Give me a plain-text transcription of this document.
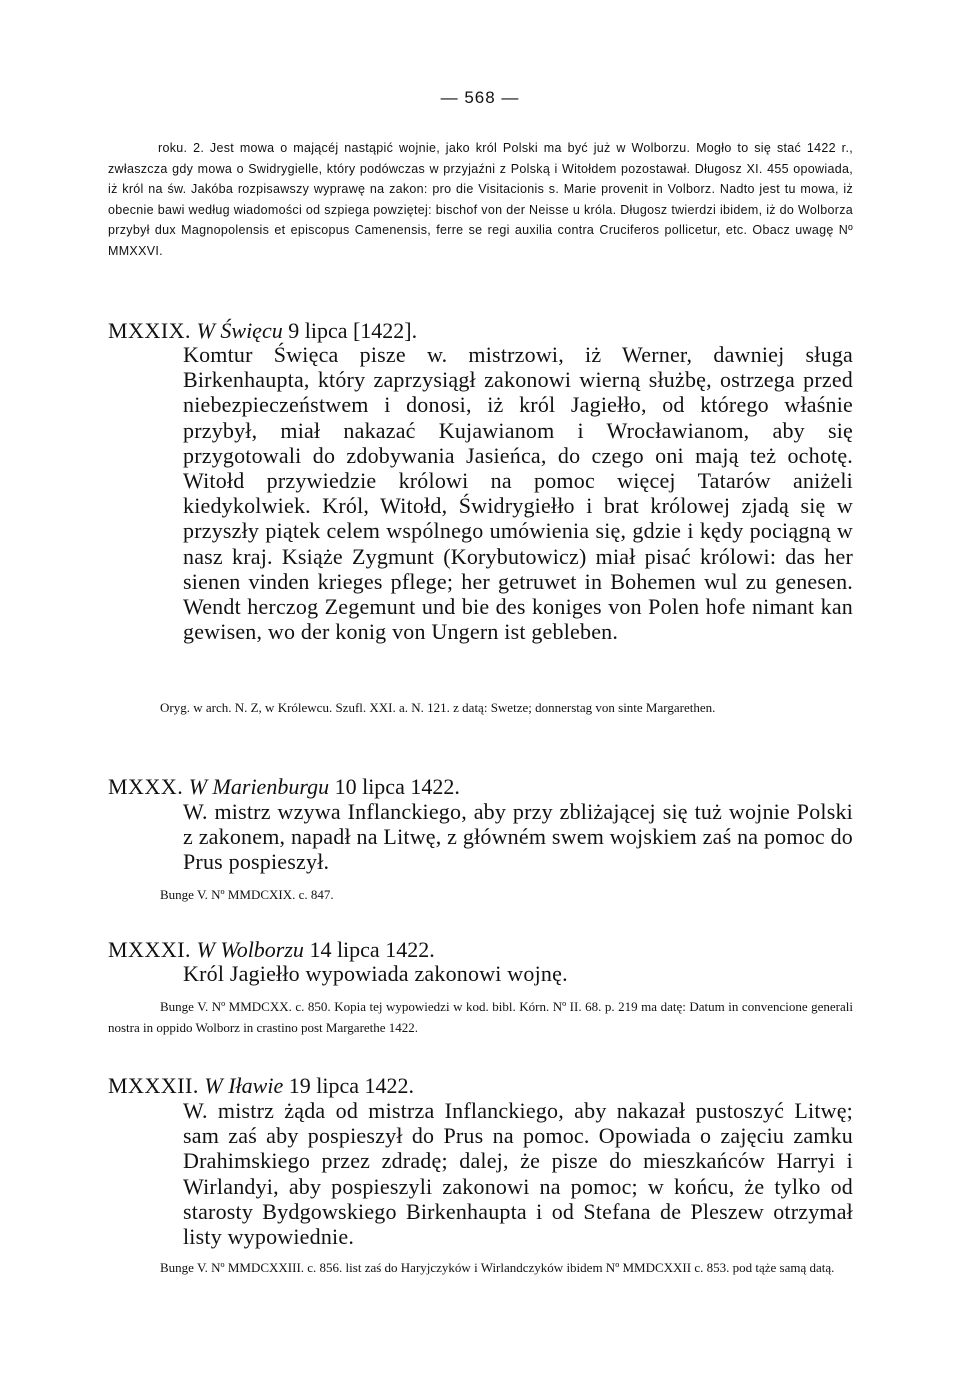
— 568 —

roku. 2. Jest mowa o mającéj nastąpić wojnie, jako król Polski ma być już w Wolborzu. Mogło to się stać 1422 r., zwłaszcza gdy mowa o Swidrygielle, który podówczas w przyjaźni z Polską i Witołdem pozostawał. Długosz XI. 455 opowiada, iż król na św. Jakóba rozpisawszy wyprawę na zakon: pro die Visitacionis s. Marie provenit in Volborz. Nadto jest tu mowa, iż obecnie bawi według wiadomości od szpiega powziętej: bischof von der Neisse u króla. Długosz twierdzi ibidem, iż do Wolborza przybył dux Magnopolensis et episcopus Camenensis, ferre se regi auxilia contra Cruciferos pollicetur, etc. Obacz uwagę Nº MMXXVI.

MXXIX. W Święcu 9 lipca [1422].

Komtur Święca pisze w. mistrzowi, iż Werner, dawniej sługa Birkenhaupta, który zaprzysiągł zakonowi wierną służbę, ostrzega przed niebezpieczeństwem i donosi, iż król Jagiełło, od którego właśnie przybył, miał nakazać Kujawianom i Wrocławianom, aby się przygotowali do zdobywania Jasieńca, do czego oni mają też ochotę. Witołd przywiedzie królowi na pomoc więcej Tatarów aniżeli kiedykolwiek. Król, Witołd, Świdrygiełło i brat królowej zjadą się w przyszły piątek celem wspólnego umówienia się, gdzie i kędy pociągną w nasz kraj. Książe Zygmunt (Korybutowicz) miał pisać królowi: das her sienen vinden krieges pflege; her getruwet in Bohemen wul zu genesen. Wendt herczog Zegemunt und bie des koniges von Polen hofe nimant kan gewisen, wo der konig von Ungern ist gebleben.

Oryg. w arch. N. Z, w Królewcu. Szufl. XXI. a. N. 121. z datą: Swetze; donnerstag von sinte Margarethen.

MXXX. W Marienburgu 10 lipca 1422.

W. mistrz wzywa Inflanckiego, aby przy zbliżającej się tuż wojnie Polski z zakonem, napadł na Litwę, z główném swem wojskiem zaś na pomoc do Prus pospieszył.

Bunge V. Nº MMDCXIX. c. 847.

MXXXI. W Wolborzu 14 lipca 1422.

Król Jagiełło wypowiada zakonowi wojnę.

Bunge V. Nº MMDCXX. c. 850. Kopia tej wypowiedzi w kod. bibl. Kórn. Nº II. 68. p. 219 ma datę: Datum in convencione generali nostra in oppido Wolborz in crastino post Margarethe 1422.

MXXXII. W Iławie 19 lipca 1422.

W. mistrz żąda od mistrza Inflanckiego, aby nakazał pustoszyć Litwę; sam zaś aby pospieszył do Prus na pomoc. Opowiada o zajęciu zamku Drahimskiego przez zdradę; dalej, że pisze do mieszkańców Harryi i Wirlandyi, aby pospieszyli zakonowi na pomoc; w końcu, że tylko od starosty Bydgowskiego Birkenhaupta i od Stefana de Pleszew otrzymał listy wypowiednie.

Bunge V. Nº MMDCXXIII. c. 856. list zaś do Haryjczyków i Wirlandczyków ibidem Nº MMDCXXII c. 853. pod tąże samą datą.
